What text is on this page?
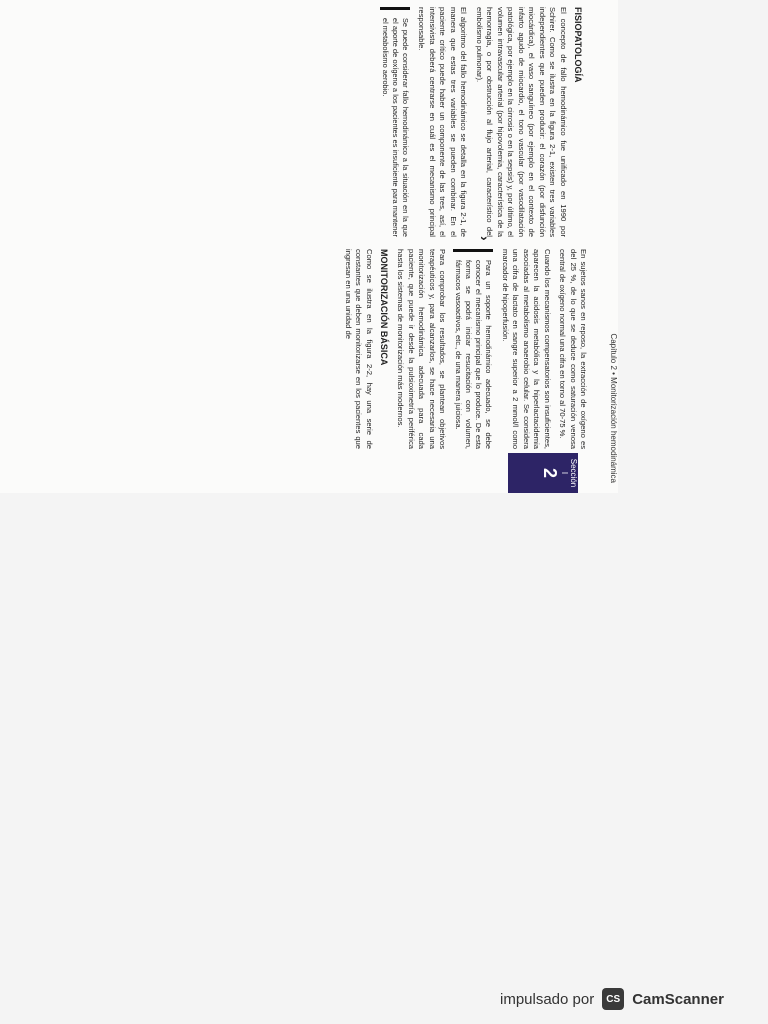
Capítulo 2 • Monitorización hemodinámica
FISIOPATOLOGÍA

El concepto de fallo hemodinámico fue unificado en 1990 por Schirer. Como se ilustra en la figura 2-1, existen tres variables independientes que pueden producir: el corazón (por disfunción miocárdica), el vaso sanguíneo (por ejemplo en el contexto de infarto agudo de miocardio, el tono vascular (por vasodilatación patológica, por ejemplo en la cirrosis o en la sepsis) y, por último, el volumen intravascular arterial (por hipovolemia, característica de la hemorragia, o por obstrucción al flujo arterial, característico del embolismo pulmonar).

El algoritmo del fallo hemodinámico se detalla en la figura 2-1, de manera que estas tres variables se pueden combinar. En el paciente crítico puede haber un componente de las tres, así, el intensivista deberá centrarse en cuál es el mecanismo principal responsable.

Se puede considerar fallo hemodinámico a la situación en la que el aporte de oxígeno a los pacientes es insuficiente para mantener el metabolismo aerobio.

En sujetos sanos en reposo, la extracción de oxígeno es del 25 %, de lo que se deduce como saturación venosa central de oxígeno normal una cifra en torno al 70-75 %.

Cuando los mecanismos compensatorios son insuficientes, aparecen la acidosis metabólica y la hiperlactacidemia asociadas al metabolismo anaerobio celular. Se considera una cifra de lactato en sangre superior a 2 mmol/l como marcador de hipoperfusión.

›
Para un soporte hemodinámico adecuado, se debe conocer el mecanismo principal que lo produce. De esta forma se podrá iniciar resucitación con volumen, fármacos vasoactivos, etc., de una manera juiciosa.

Para comprobar los resultados, se plantean objetivos terapéuticos y, para alcanzarlos, se hace necesaria una monitorización hemodinámica adecuada para cada paciente, que puede ir desde la pulsioximetría periférica hasta los sistemas de monitorización más modernos.

MONITORIZACIÓN BÁSICA

Como se ilustra en la figura 2-2, hay una serie de constantes que deben monitorizarse en los pacientes que ingresan en una unidad de

Sección
I
2
impulsado por	CS CamScanner
